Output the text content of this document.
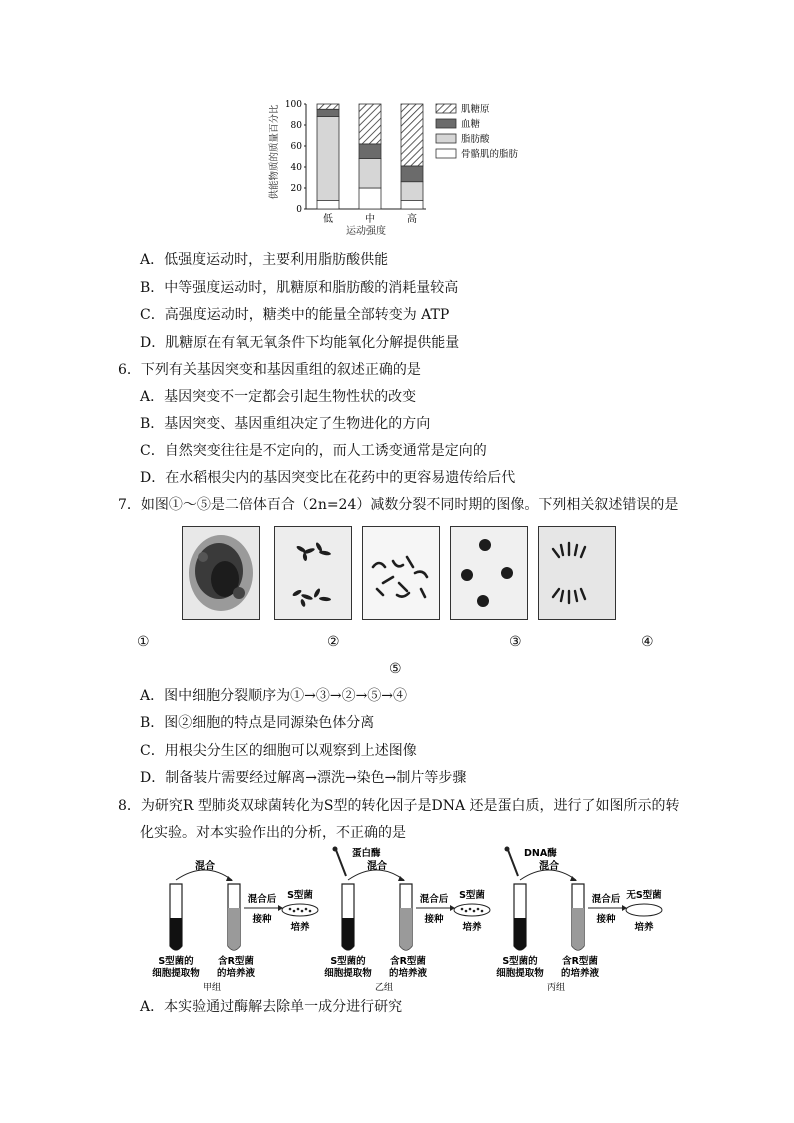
供能物质的质量百分比
0
20
40
60
80
100
低	中	高
运动强度
肌糖原
血糖
脂肪酸
骨骼肌的脂肪
A．低强度运动时，主要利用脂肪酸供能
B．中等强度运动时，肌糖原和脂肪酸的消耗量较高
C．高强度运动时，糖类中的能量全部转变为 ATP
D．肌糖原在有氧无氧条件下均能氧化分解提供能量
6．下列有关基因突变和基因重组的叙述正确的是
A．基因突变不一定都会引起生物性状的改变
B．基因突变、基因重组决定了生物进化的方向
C．自然突变往往是不定向的，而人工诱变通常是定向的
D．在水稻根尖内的基因突变比在花药中的更容易遗传给后代
7．如图①～⑤是二倍体百合（2n=24）减数分裂不同时期的图像。下列相关叙述错误的是
①	②	③	④
⑤
A．图中细胞分裂顺序为①→③→②→⑤→④
B．图②细胞的特点是同源染色体分离
C．用根尖分生区的细胞可以观察到上述图像
D．制备装片需要经过解离→漂洗→染色→制片等步骤
8．为研究R 型肺炎双球菌转化为S型的转化因子是DNA 还是蛋白质，进行了如图所示的转
化实验。对本实验作出的分析，不正确的是
混合
混合后
接种
S型菌
培养
S型菌的
细胞提取物
含R型菌
的培养液
甲组
混合
混合后
接种
S型菌
培养
S型菌的
细胞提取物
含R型菌
的培养液
乙组
蛋白酶
混合
混合后
接种
无S型菌
培养
S型菌的
细胞提取物
含R型菌
的培养液
丙组
DNA酶
A．本实验通过酶解去除单一成分进行研究
